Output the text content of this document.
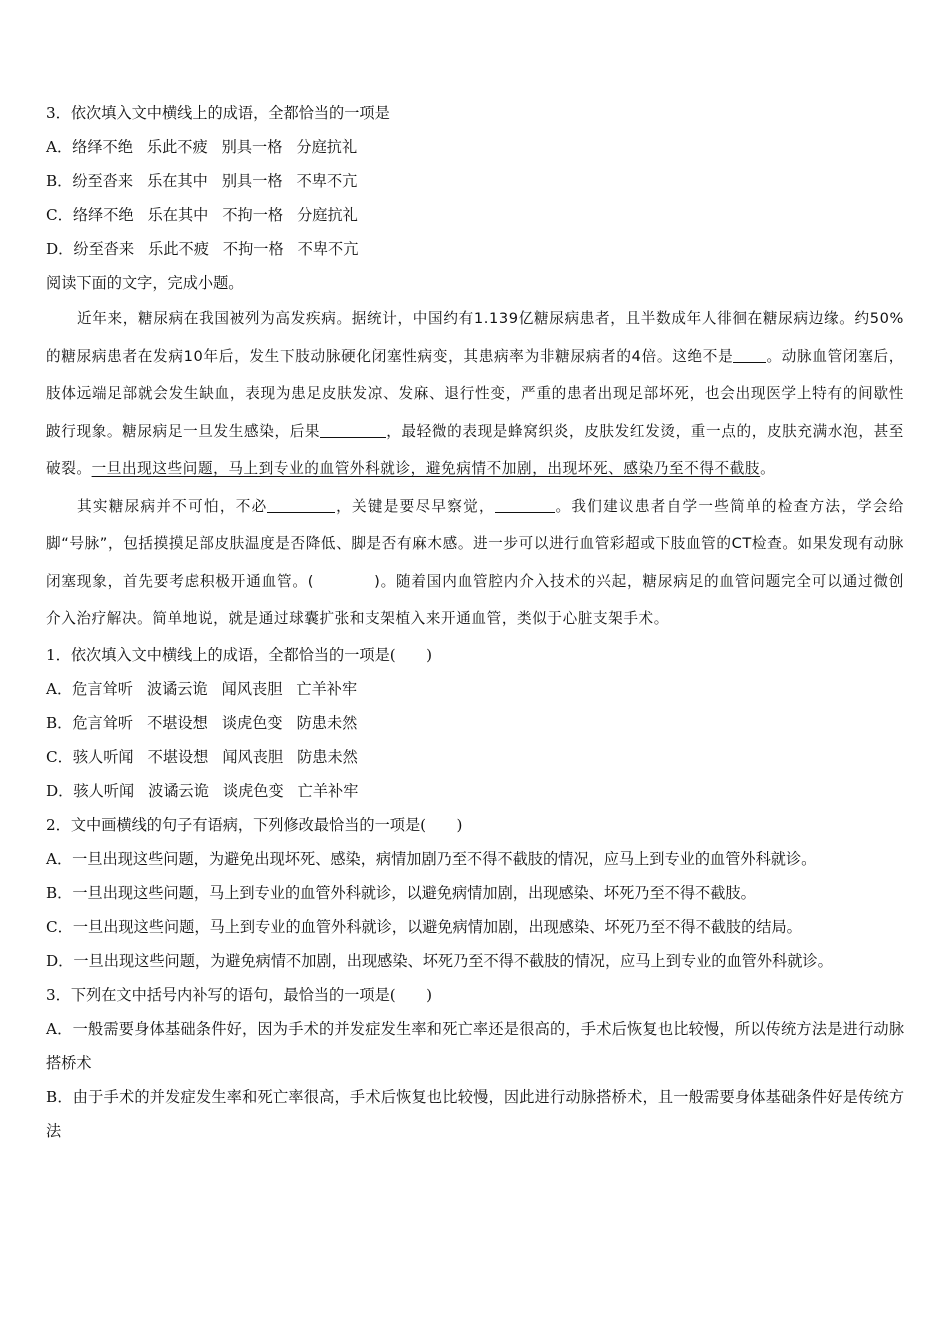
3．依次填入文中横线上的成语，全都恰当的一项是
A．络绎不绝 乐此不疲 别具一格 分庭抗礼
B．纷至沓来 乐在其中 别具一格 不卑不亢
C．络绎不绝 乐在其中 不拘一格 分庭抗礼
D．纷至沓来 乐此不疲 不拘一格 不卑不亢
阅读下面的文字，完成小题。

近年来，糖尿病在我国被列为高发疾病。据统计，中国约有1.139亿糖尿病患者，且半数成年人徘徊在糖尿病边缘。约50%的糖尿病患者在发病10年后，发生下肢动脉硬化闭塞性病变，其患病率为非糖尿病者的4倍。这绝不是 。动脉血管闭塞后，肢体远端足部就会发生缺血，表现为患足皮肤发凉、发麻、退行性变，严重的患者出现足部坏死，也会出现医学上特有的间歇性跛行现象。糖尿病足一旦发生感染，后果	，最轻微的表现是蜂窝织炎，皮肤发红发烫，重一点的，皮肤充满水泡，甚至破裂。一旦出现这些问题，马上到专业的血管外科就诊，避免病情不加剧，出现坏死、感染乃至不得不截肢。

其实糖尿病并不可怕，不必	，关键是要尽早察觉，	。我们建议患者自学一些简单的检查方法，学会给脚“号脉”，包括摸摸足部皮肤温度是否降低、脚是否有麻木感。进一步可以进行血管彩超或下肢血管的CT检查。如果发现有动脉闭塞现象，首先要考虑积极开通血管。(	)。随着国内血管腔内介入技术的兴起，糖尿病足的血管问题完全可以通过微创介入治疗解决。简单地说，就是通过球囊扩张和支架植入来开通血管，类似于心脏支架手术。

1．依次填入文中横线上的成语，全都恰当的一项是(　　)
A．危言耸听 波谲云诡 闻风丧胆 亡羊补牢
B．危言耸听 不堪设想 谈虎色变 防患未然
C．骇人听闻 不堪设想 闻风丧胆 防患未然
D．骇人听闻 波谲云诡 谈虎色变 亡羊补牢
2．文中画横线的句子有语病，下列修改最恰当的一项是(　　)
A．一旦出现这些问题，为避免出现坏死、感染，病情加剧乃至不得不截肢的情况，应马上到专业的血管外科就诊。
B．一旦出现这些问题，马上到专业的血管外科就诊，以避免病情加剧，出现感染、坏死乃至不得不截肢。
C．一旦出现这些问题，马上到专业的血管外科就诊，以避免病情加剧，出现感染、坏死乃至不得不截肢的结局。
D．一旦出现这些问题，为避免病情不加剧，出现感染、坏死乃至不得不截肢的情况，应马上到专业的血管外科就诊。
3．下列在文中括号内补写的语句，最恰当的一项是(　　)
A．一般需要身体基础条件好，因为手术的并发症发生率和死亡率还是很高的，手术后恢复也比较慢，所以传统方法是进行动脉搭桥术
B．由于手术的并发症发生率和死亡率很高，手术后恢复也比较慢，因此进行动脉搭桥术，且一般需要身体基础条件好是传统方法
